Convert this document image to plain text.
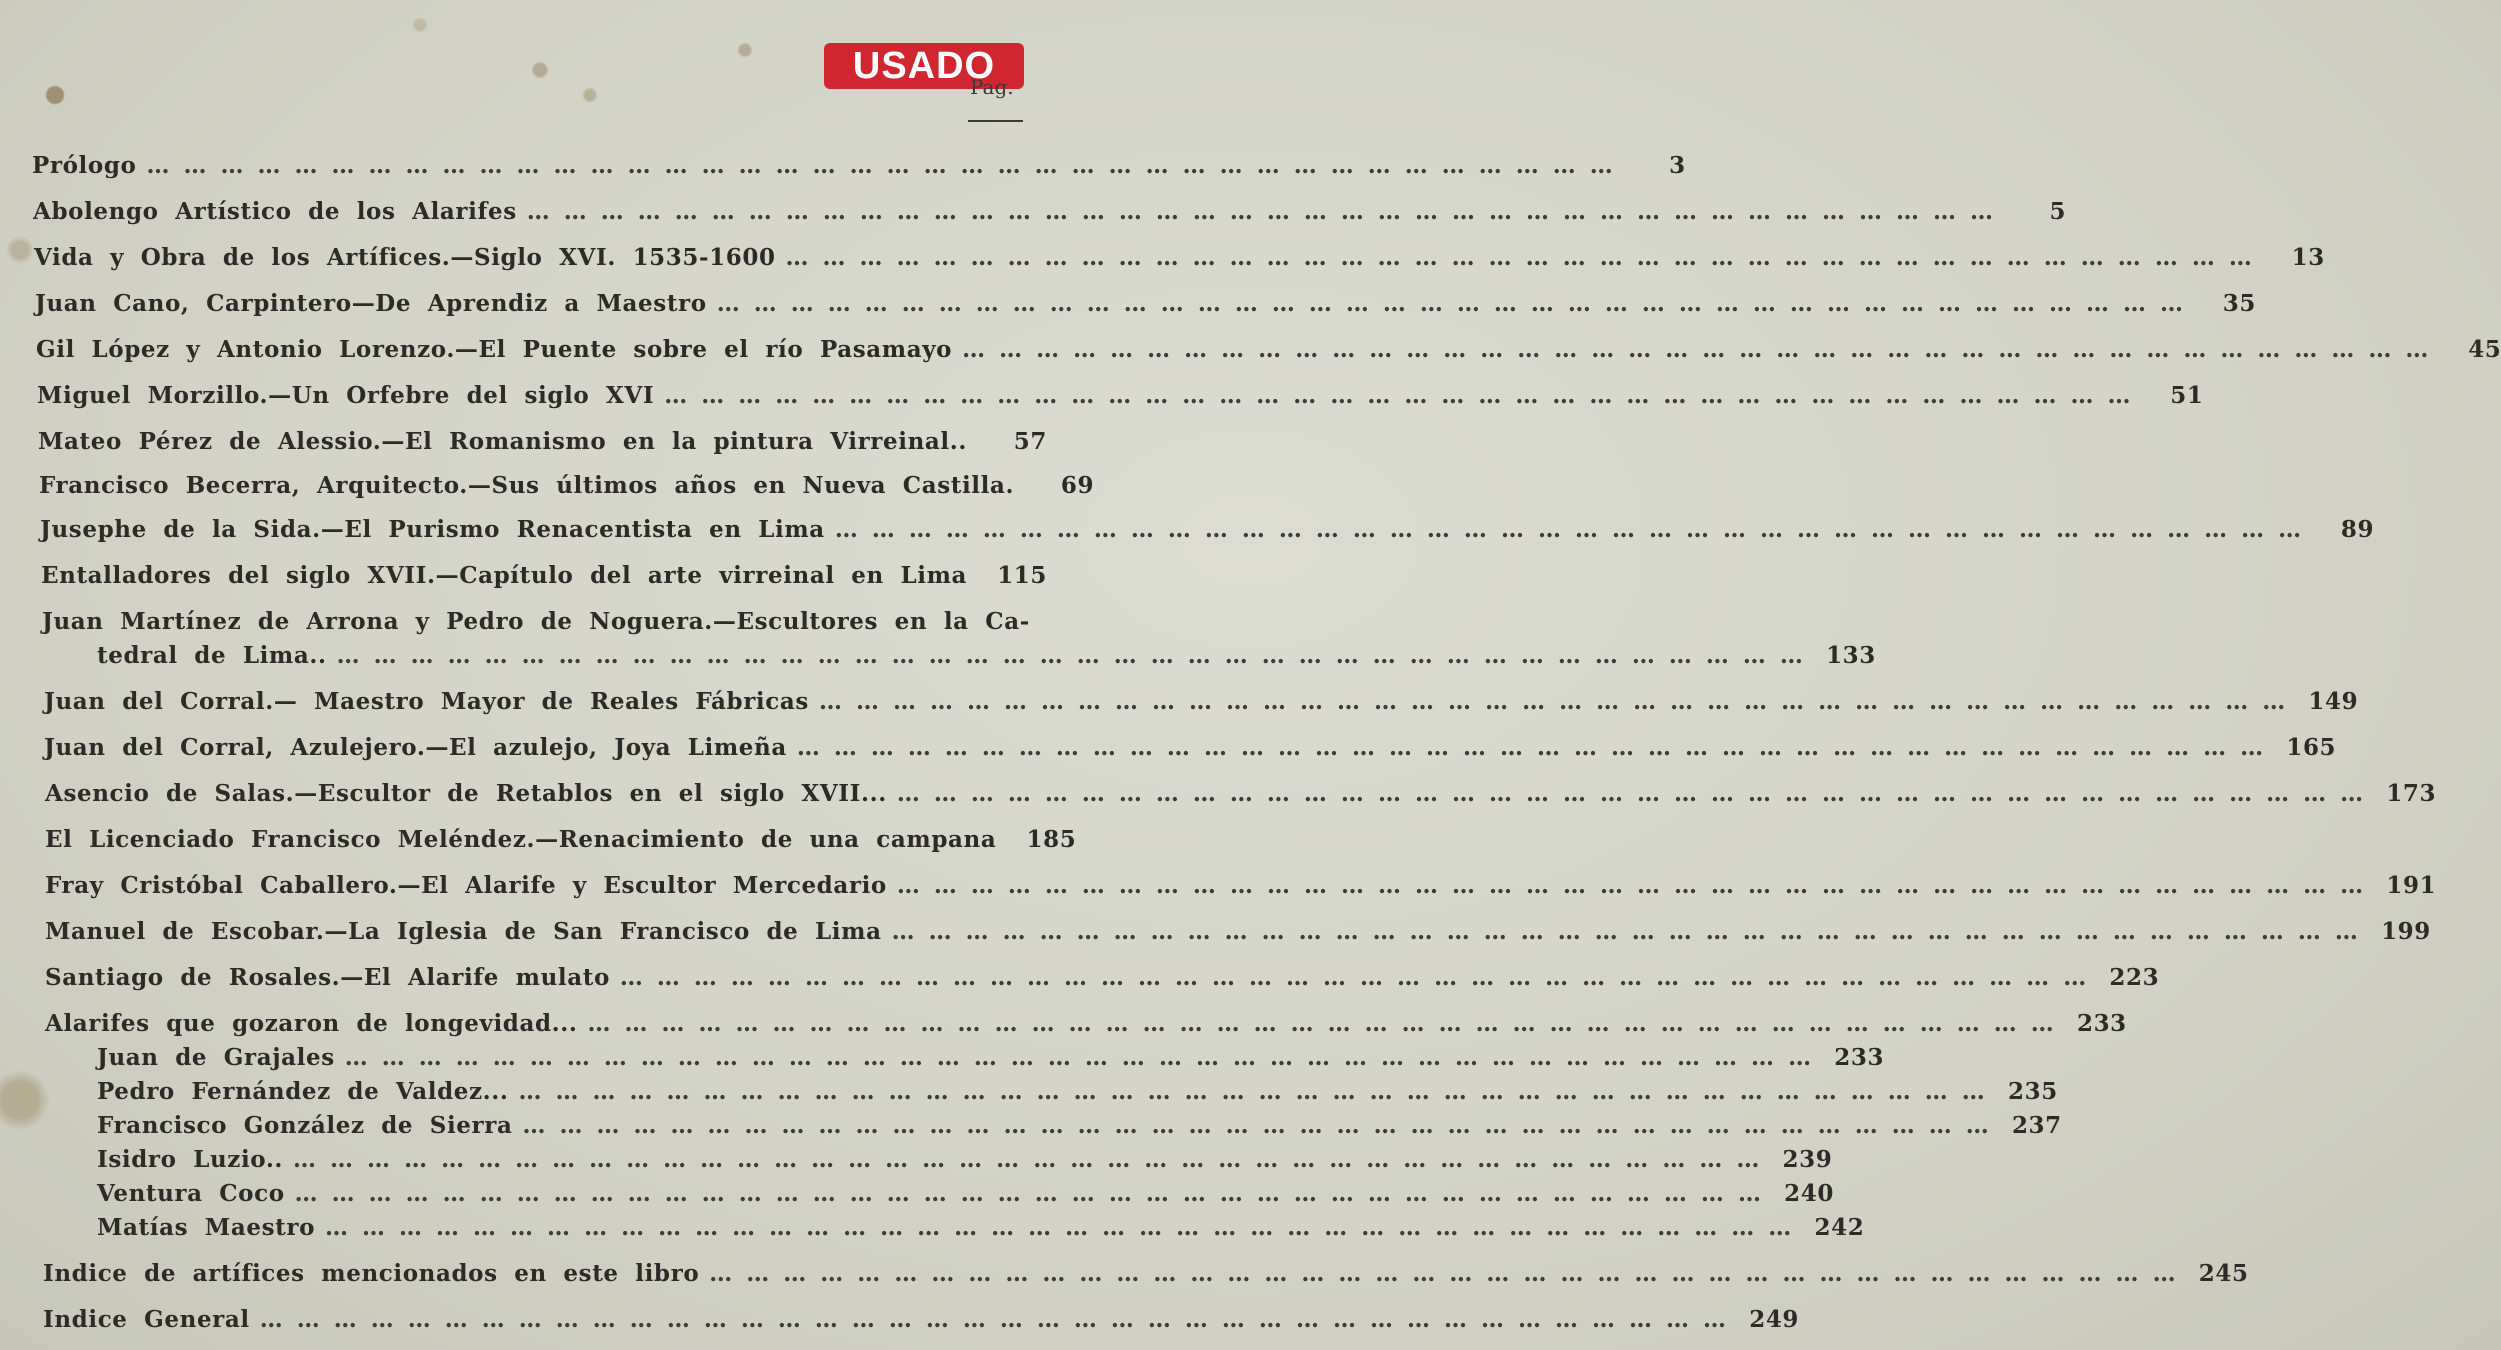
USADO
Pag.
Prólogo … … … … … … … … … … … … … … … … … … … … … … … … … … … … … … … … … … … … … … … …	3
Abolengo Artístico de los Alarifes … … … … … … … … … … … … … … … … … … … … … … … … … … … … … … … … … … … … … … … …	5
Vida y Obra de los Artífices.—Siglo XVI. 1535-1600 … … … … … … … … … … … … … … … … … … … … … … … … … … … … … … … … … … … … … … … …	13
Juan Cano, Carpintero—De Aprendiz a Maestro … … … … … … … … … … … … … … … … … … … … … … … … … … … … … … … … … … … … … … … …	35
Gil López y Antonio Lorenzo.—El Puente sobre el río Pasamayo … … … … … … … … … … … … … … … … … … … … … … … … … … … … … … … … … … … … … … … …	45
Miguel Morzillo.—Un Orfebre del siglo XVI … … … … … … … … … … … … … … … … … … … … … … … … … … … … … … … … … … … … … … … …	51
Mateo Pérez de Alessio.—El Romanismo en la pintura Virreinal..	57
Francisco Becerra, Arquitecto.—Sus últimos años en Nueva Castilla.	69
Jusephe de la Sida.—El Purismo Renacentista en Lima … … … … … … … … … … … … … … … … … … … … … … … … … … … … … … … … … … … … … … … …	89
Entalladores del siglo XVII.—Capítulo del arte virreinal en Lima	115
Juan Martínez de Arrona y Pedro de Noguera.—Escultores en la Ca-
tedral de Lima.. … … … … … … … … … … … … … … … … … … … … … … … … … … … … … … … … … … … … … … … …	133
Juan del Corral.— Maestro Mayor de Reales Fábricas … … … … … … … … … … … … … … … … … … … … … … … … … … … … … … … … … … … … … … … …	149
Juan del Corral, Azulejero.—El azulejo, Joya Limeña … … … … … … … … … … … … … … … … … … … … … … … … … … … … … … … … … … … … … … … …	165
Asencio de Salas.—Escultor de Retablos en el siglo XVII... … … … … … … … … … … … … … … … … … … … … … … … … … … … … … … … … … … … … … … … …	173
El Licenciado Francisco Meléndez.—Renacimiento de una campana	185
Fray Cristóbal Caballero.—El Alarife y Escultor Mercedario … … … … … … … … … … … … … … … … … … … … … … … … … … … … … … … … … … … … … … … …	191
Manuel de Escobar.—La Iglesia de San Francisco de Lima … … … … … … … … … … … … … … … … … … … … … … … … … … … … … … … … … … … … … … … …	199
Santiago de Rosales.—El Alarife mulato … … … … … … … … … … … … … … … … … … … … … … … … … … … … … … … … … … … … … … … …	223
Alarifes que gozaron de longevidad... … … … … … … … … … … … … … … … … … … … … … … … … … … … … … … … … … … … … … … … …	233
Juan de Grajales … … … … … … … … … … … … … … … … … … … … … … … … … … … … … … … … … … … … … … … …	233
Pedro Fernández de Valdez... … … … … … … … … … … … … … … … … … … … … … … … … … … … … … … … … … … … … … … … …	235
Francisco González de Sierra … … … … … … … … … … … … … … … … … … … … … … … … … … … … … … … … … … … … … … … …	237
Isidro Luzio.. … … … … … … … … … … … … … … … … … … … … … … … … … … … … … … … … … … … … … … … …	239
Ventura Coco … … … … … … … … … … … … … … … … … … … … … … … … … … … … … … … … … … … … … … … …	240
Matías Maestro … … … … … … … … … … … … … … … … … … … … … … … … … … … … … … … … … … … … … … … …	242
Indice de artífices mencionados en este libro … … … … … … … … … … … … … … … … … … … … … … … … … … … … … … … … … … … … … … … …	245
Indice General … … … … … … … … … … … … … … … … … … … … … … … … … … … … … … … … … … … … … … … …	249
